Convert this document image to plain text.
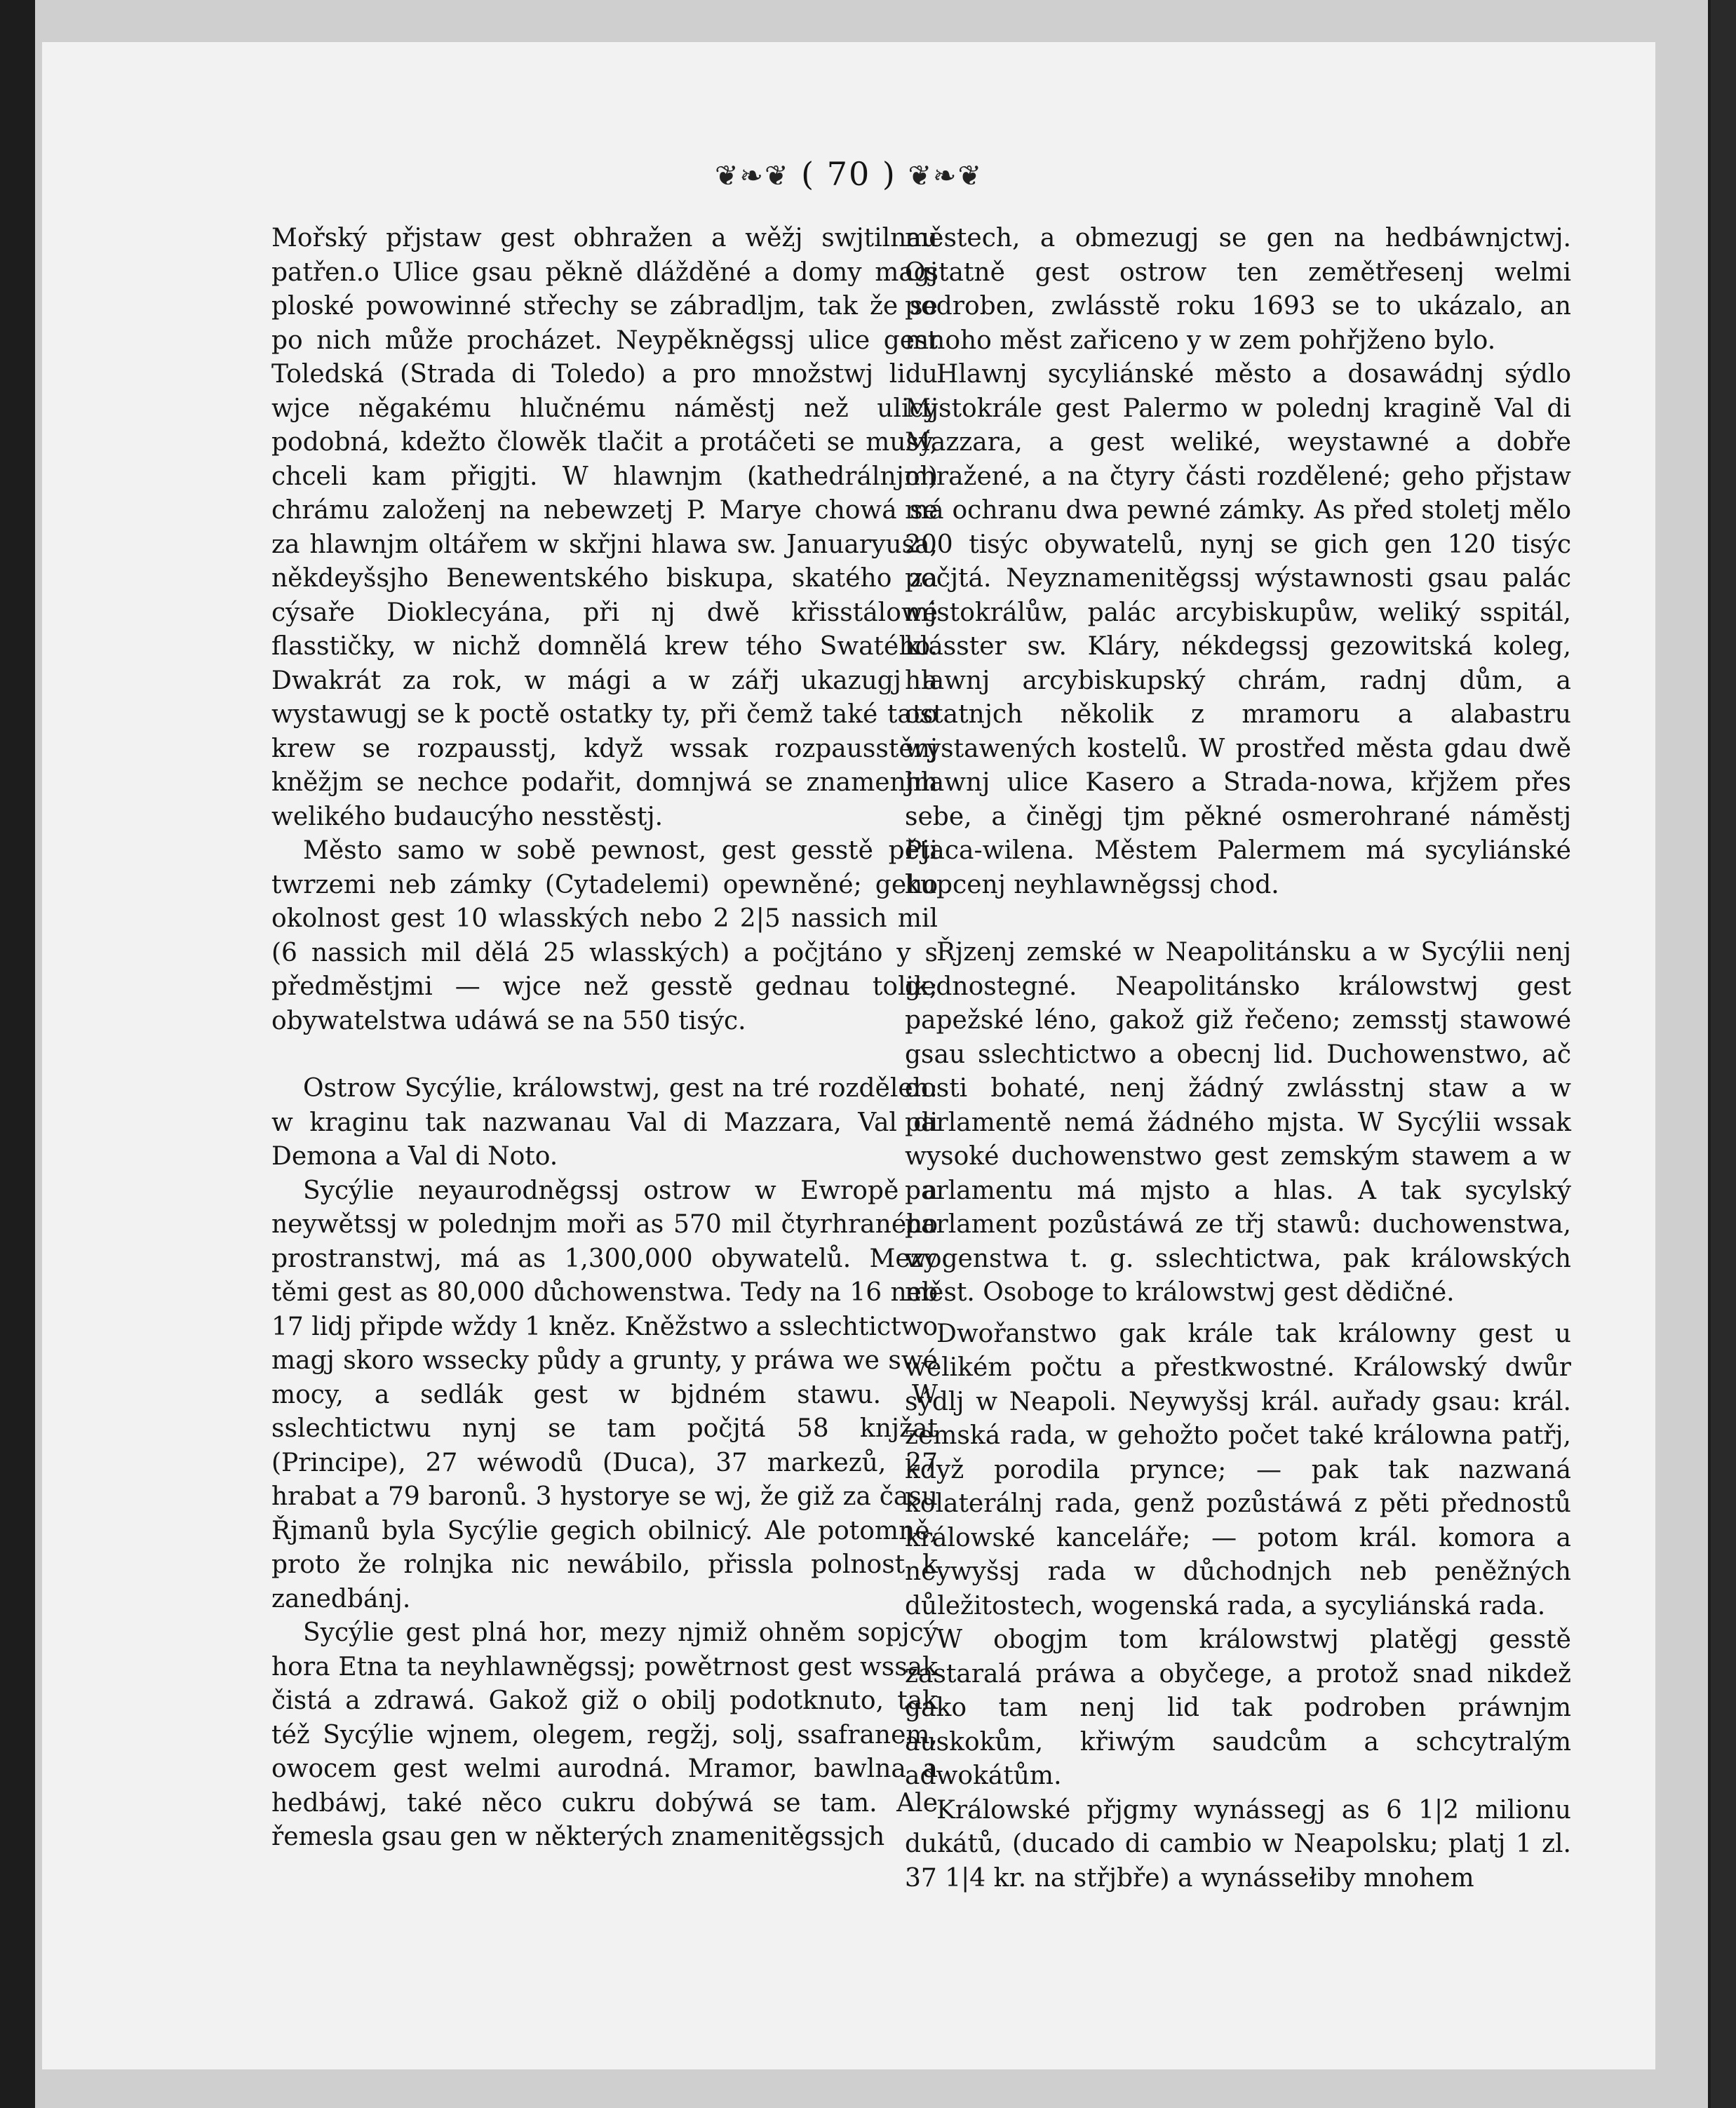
❦❧❦ ( 70 ) ❦❧❦

Mořský přjstaw gest obhražen a wěžj swjtilnau patřen.o Ulice gsau pěkně dlážděné a domy magj ploské powowinné střechy se zábradljm, tak že se po nich může procházet. Neypěkněgssj ulice gest Toledská (Strada di Toledo) a pro množstwj lidu wjce něgakému hlučnému náměstj než ulicy podobná, kdežto člowěk tlačit a protáčeti se musý, chceli kam přigjti. W hlawnjm (kathedrálnjm) chrámu založenj na nebewzetj P. Marye chowá se za hlawnjm oltářem w skřjni hlawa sw. Januaryusa, někdeyšsjho Benewentského biskupa, skatého za cýsaře Dioklecyána, při nj dwě křisstálowé flasstičky, w nichž domnělá krew tého Swatého. Dwakrát za rok, w mági a w zářj ukazugj a wystawugj se k poctě ostatky ty, při čemž také tato krew se rozpausstj, když wssak rozpausstěnj kněžjm se nechce podařit, domnjwá se znamenjm welikého budaucýho nesstěstj.

Město samo w sobě pewnost, gest gesstě pěti twrzemi neb zámky (Cytadelemi) opewněné; geho okolnost gest 10 wlasských nebo 2 2|5 nassich mil (6 nassich mil dělá 25 wlasských) a počjtáno y s předměstjmi — wjce než gesstě gednau tolik; obywatelstwa udáwá se na 550 tisýc.

Ostrow Sycýlie, králowstwj, gest na tré rozdělen: w kraginu tak nazwanau Val di Mazzara, Val di Demona a Val di Noto.

Sycýlie neyaurodněgssj ostrow w Ewropě a neywětssj w polednjm moři as 570 mil čtyrhraného prostranstwj, má as 1,300,000 obywatelů. Mezy těmi gest as 80,000 důchowenstwa. Tedy na 16 neb 17 lidj připde wždy 1 kněz. Kněžstwo a sslechtictwo magj skoro wssecky půdy a grunty, y práwa we swé mocy, a sedlák gest w bjdném stawu. W sslechtictwu nynj se tam počjtá 58 knjžat (Principe), 27 wéwodů (Duca), 37 markezů, 27 hrabat a 79 baronů. 3 hystorye se wj, že giž za času Řjmanů byla Sycýlie gegich obilnicý. Ale potomně, proto že rolnjka nic newábilo, přissla polnost k zanedbánj.

Sycýlie gest plná hor, mezy njmiž ohněm sopjcý hora Etna ta neyhlawněgssj; powětrnost gest wssak čistá a zdrawá. Gakož giž o obilj podotknuto, tak též Sycýlie wjnem, olegem, regžj, solj, ssafranem, owocem gest welmi aurodná. Mramor, bawlna a hedbáwj, také něco cukru dobýwá se tam. Ale řemesla gsau gen w některých znamenitěgssjch

městech, a obmezugj se gen na hedbáwnjctwj. Ostatně gest ostrow ten zemětřesenj welmi podroben, zwlásstě roku 1693 se to ukázalo, an mnoho měst zařiceno y w zem pohřjženo bylo.

Hlawnj sycyliánské město a dosawádnj sýdlo Mjstokrále gest Palermo w polednj kragině Val di Mazzara, a gest weliké, weystawné a dobře ohražené, a na čtyry části rozdělené; geho přjstaw má ochranu dwa pewné zámky. As před stoletj mělo 200 tisýc obywatelů, nynj se gich gen 120 tisýc počjtá. Neyznamenitěgssj wýstawnosti gsau palác mjstokrálůw, palác arcybiskupůw, weliký sspitál, klásster sw. Kláry, nékdegssj gezowitská koleg, hlawnj arcybiskupský chrám, radnj dům, a ostatnjch několik z mramoru a alabastru wystawených kostelů. W prostřed města gdau dwě hlawnj ulice Kasero a Strada-nowa, křjžem přes sebe, a činěgj tjm pěkné osmerohrané náměstj Pjaca-wilena. Městem Palermem má sycyliánské kupcenj neyhlawněgssj chod.

Řjzenj zemské w Neapolitánsku a w Sycýlii nenj gednostegné. Neapolitánsko králowstwj gest papežské léno, gakož giž řečeno; zemsstj stawowé gsau sslechtictwo a obecnj lid. Duchowenstwo, ač dosti bohaté, nenj žádný zwlásstnj staw a w parlamentě nemá žádného mjsta. W Sycýlii wssak wysoké duchowenstwo gest zemským stawem a w parlamentu má mjsto a hlas. A tak sycylský parlament pozůstáwá ze třj stawů: duchowenstwa, wogenstwa t. g. sslechtictwa, pak králowských měst. Osoboge to králowstwj gest dědičné.

Dwořanstwo gak krále tak králowny gest u welikém počtu a přestkwostné. Králowský dwůr sýdlj w Neapoli. Neywyšsj král. auřady gsau: král. zemská rada, w gehožto počet také králowna patřj, když porodila prynce; — pak tak nazwaná kolaterálnj rada, genž pozůstáwá z pěti přednostů králowské kanceláře; — potom král. komora a neywyšsj rada w důchodnjch neb peněžných důležitostech, wogenská rada, a sycyliánská rada.

W obogjm tom králowstwj platěgj gesstě zastaralá práwa a obyčege, a protož snad nikdež gako tam nenj lid tak podroben práwnjm auskokům, křiwým saudcům a schcytralým adwokátům.

Králowské přjgmy wynássegj as 6 1|2 milionu dukátů, (ducado di cambio w Neapolsku; platj 1 zl. 37 1|4 kr. na střjbře) a wynássełiby mnohem
